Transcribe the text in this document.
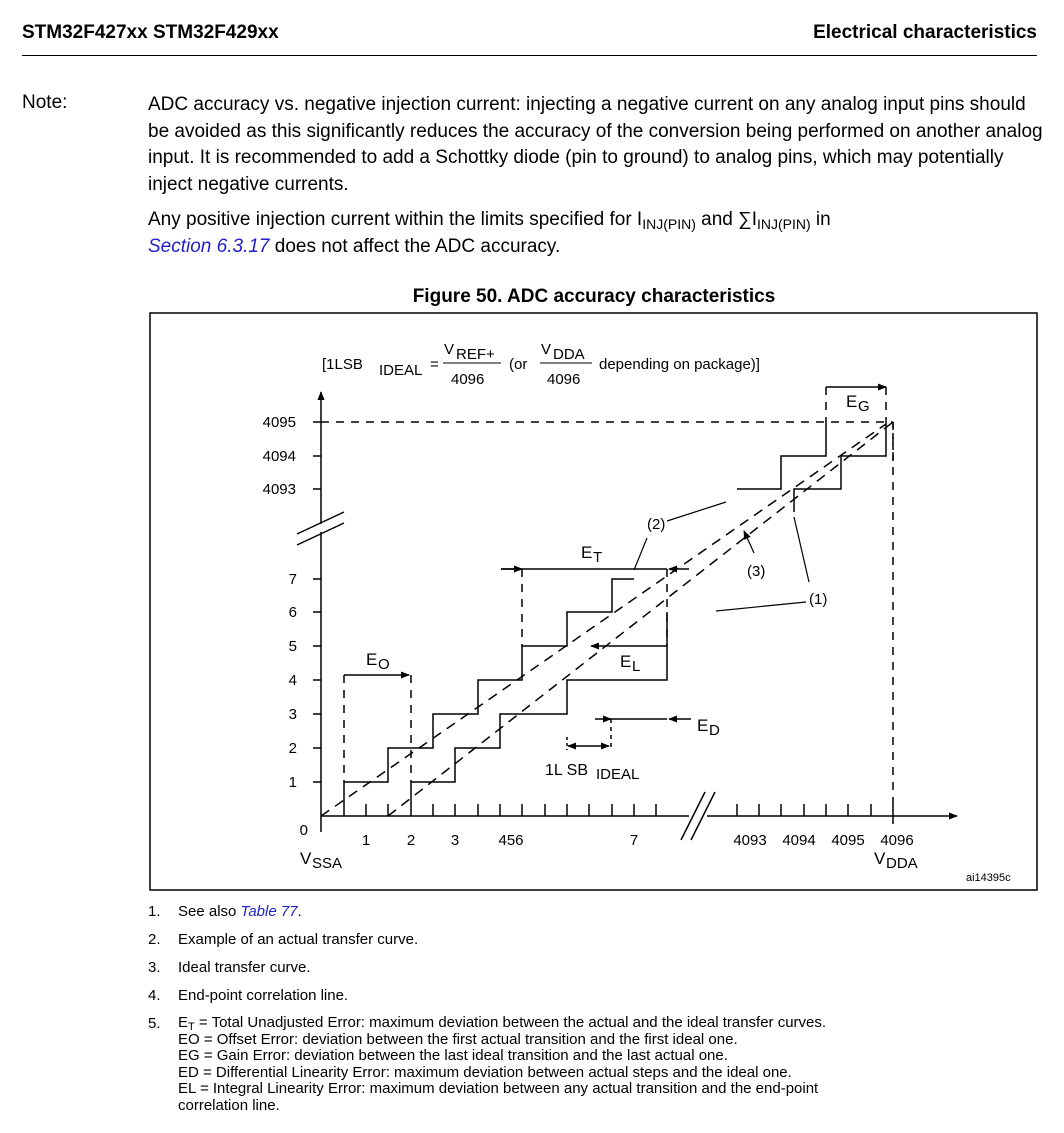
STM32F427xx STM32F429xx	Electrical characteristics
Note:	ADC accuracy vs. negative injection current: injecting a negative current on any analog input pins should be avoided as this significantly reduces the accuracy of the conversion being performed on another analog input. It is recommended to add a Schottky diode (pin to ground) to analog pins, which may potentially inject negative currents.

Any positive injection current within the limits specified for $I_{INJ(PIN)}$ and $\sum I_{INJ(PIN)}$ in
Section 6.3.17 does not affect the ADC accuracy.

Figure 50. ADC accuracy characteristics
[1LSB IDEAL =
V REF+
4096
(or
V DDA
4096
depending on package)]
4095
4094
4093
7
6
5
4
3
2
1
0
1 2 3	456	7	4093 4094 4095 4096
V SSA	V DDA
E G
E T
E O	E L
E D
1L SB IDEAL
(2)
(3)
(1)
ai14395c
1. See also Table 77.
2. Example of an actual transfer curve.
3. Ideal transfer curve.
4. End-point correlation line.
5. $E_T$ = Total Unadjusted Error: maximum deviation between the actual and the ideal transfer curves.
EO = Offset Error: deviation between the first actual transition and the first ideal one.
EG = Gain Error: deviation between the last ideal transition and the last actual one.
ED = Differential Linearity Error: maximum deviation between actual steps and the ideal one.
EL = Integral Linearity Error: maximum deviation between any actual transition and the end-point
correlation line.
